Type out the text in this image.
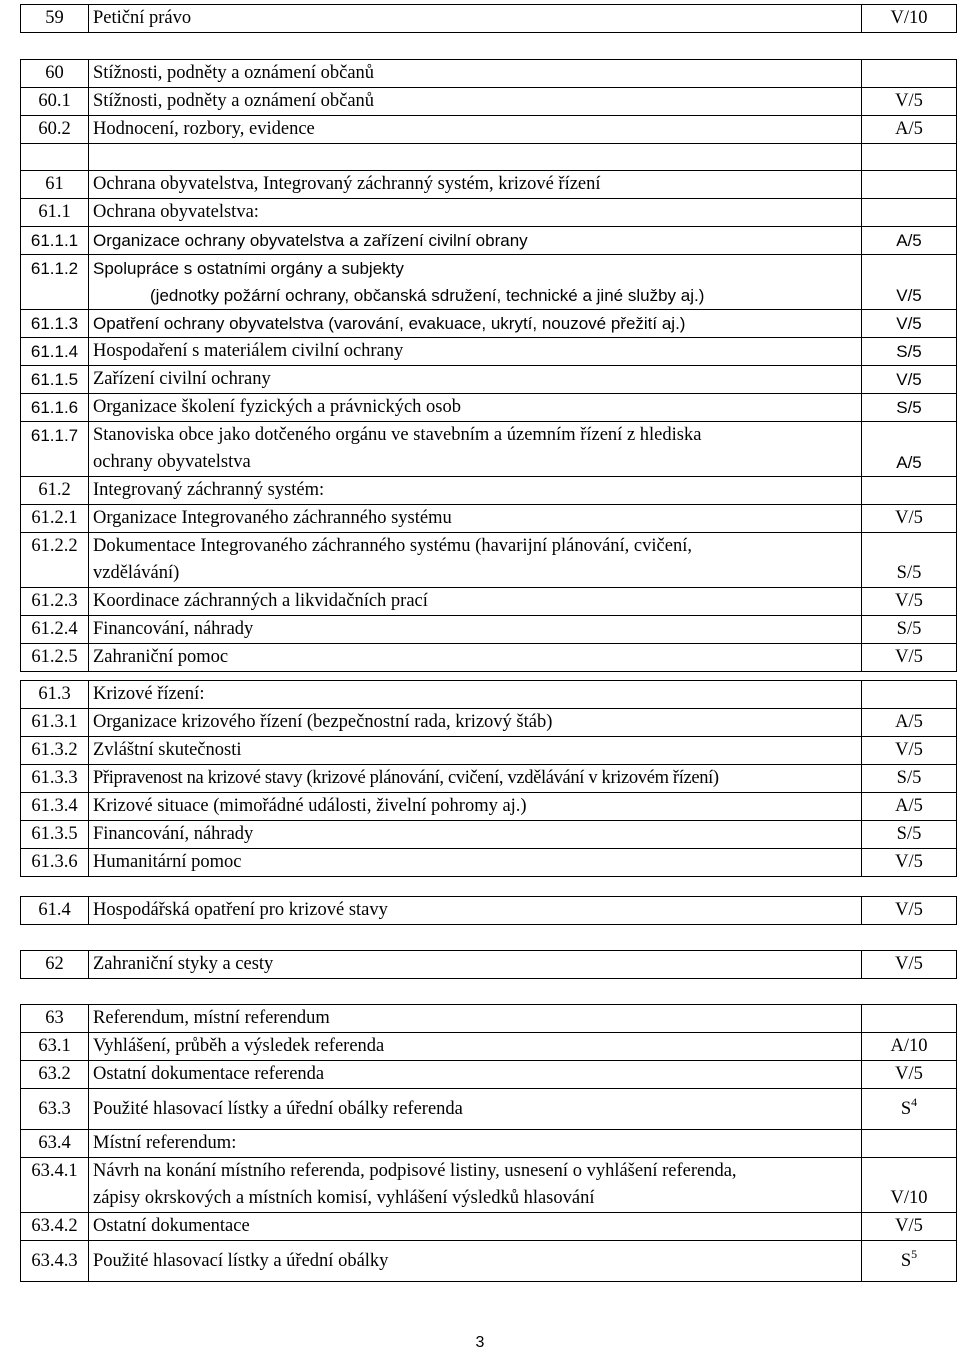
59	Petiční právo	V/10
60	Stížnosti, podněty a oznámení občanů	
60.1	Stížnosti, podněty a oznámení občanů	V/5
60.2	Hodnocení, rozbory, evidence	A/5

61	Ochrana obyvatelstva, Integrovaný záchranný systém, krizové řízení	
61.1	Ochrana obyvatelstva:	
61.1.1	Organizace ochrany obyvatelstva a zařízení civilní obrany	A/5
61.1.2	Spolupráce s ostatními orgány a subjekty
(jednotky požární ochrany, občanská sdružení, technické a jiné služby aj.)	V/5

61.1.3	Opatření ochrany obyvatelstva (varování, evakuace, ukrytí, nouzové přežití aj.)	V/5
61.1.4	Hospodaření s materiálem civilní ochrany	S/5
61.1.5	Zařízení civilní ochrany	V/5
61.1.6	Organizace školení fyzických a právnických osob	S/5
61.1.7	Stanoviska obce jako dotčeného orgánu ve stavebním a územním řízení z hlediska
ochrany obyvatelstva	A/5

61.2	Integrovaný záchranný systém:	
61.2.1	Organizace Integrovaného záchranného systému	V/5
61.2.2	Dokumentace Integrovaného záchranného systému (havarijní plánování, cvičení,
vzdělávání)	S/5

61.2.3	Koordinace záchranných a likvidačních prací	V/5
61.2.4	Financování, náhrady	S/5
61.2.5	Zahraniční pomoc	V/5
61.3	Krizové řízení:	
61.3.1	Organizace krizového řízení (bezpečnostní rada, krizový štáb)	A/5
61.3.2	Zvláštní skutečnosti	V/5
61.3.3	Připravenost na krizové stavy (krizové plánování, cvičení, vzdělávání v krizovém řízení)	S/5
61.3.4	Krizové situace (mimořádné události, živelní pohromy aj.)	A/5
61.3.5	Financování, náhrady	S/5
61.3.6	Humanitární pomoc	V/5
61.4	Hospodářská opatření pro krizové stavy	V/5
62	Zahraniční styky a cesty	V/5
63	Referendum, místní referendum	
63.1	Vyhlášení, průběh a výsledek referenda	A/10
63.2	Ostatní dokumentace referenda	V/5
63.3	Použité hlasovací lístky a úřední obálky referenda	$S^4$
63.4	Místní referendum:	
63.4.1	Návrh na konání místního referenda, podpisové listiny, usnesení o vyhlášení referenda,
zápisy okrskových a místních komisí, vyhlášení výsledků hlasování	V/10

63.4.2	Ostatní dokumentace	V/5
63.4.3	Použité hlasovací lístky a úřední obálky	$S^5$
3
